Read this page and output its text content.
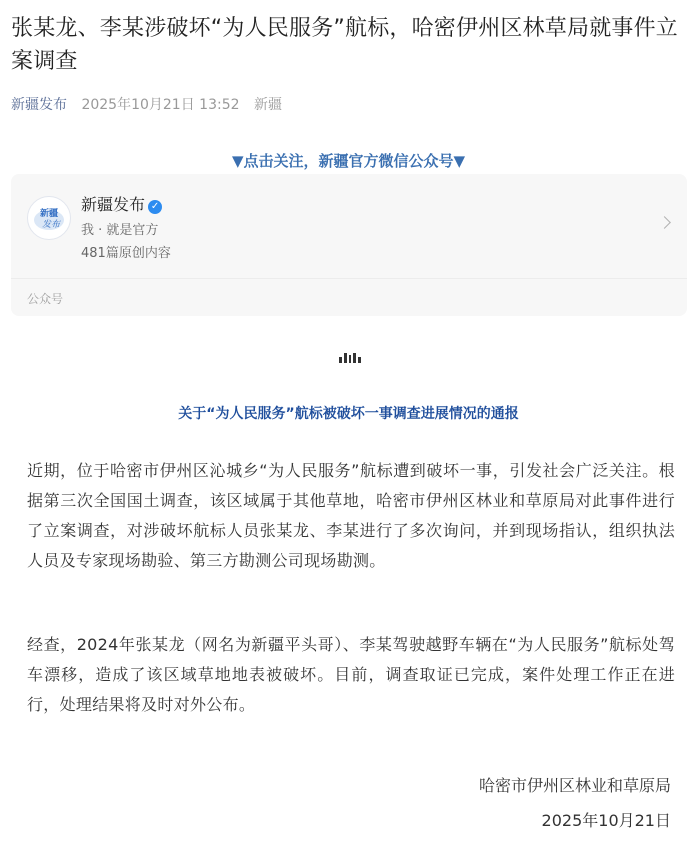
张某龙、李某涉破坏“为人民服务”航标，哈密伊州区林草局就事件立案调查
新疆发布 2025年10月21日 13:52 新疆
▼点击关注，新疆官方微信公众号▼
新疆
发布
新疆发布 ✓
我 · 就是官方
481篇原创内容
公众号
关于“为人民服务”航标被破坏一事调查进展情况的通报

近期，位于哈密市伊州区沁城乡“为人民服务”航标遭到破坏一事，引发社会广泛关注。根据第三次全国国土调查，该区域属于其他草地，哈密市伊州区林业和草原局对此事件进行了立案调查，对涉破坏航标人员张某龙、李某进行了多次询问，并到现场指认，组织执法人员及专家现场勘验、第三方勘测公司现场勘测。

经查，2024年张某龙（网名为新疆平头哥）、李某驾驶越野车辆在“为人民服务”航标处驾车漂移，造成了该区域草地地表被破坏。目前，调查取证已完成，案件处理工作正在进行，处理结果将及时对外公布。

哈密市伊州区林业和草原局
2025年10月21日
